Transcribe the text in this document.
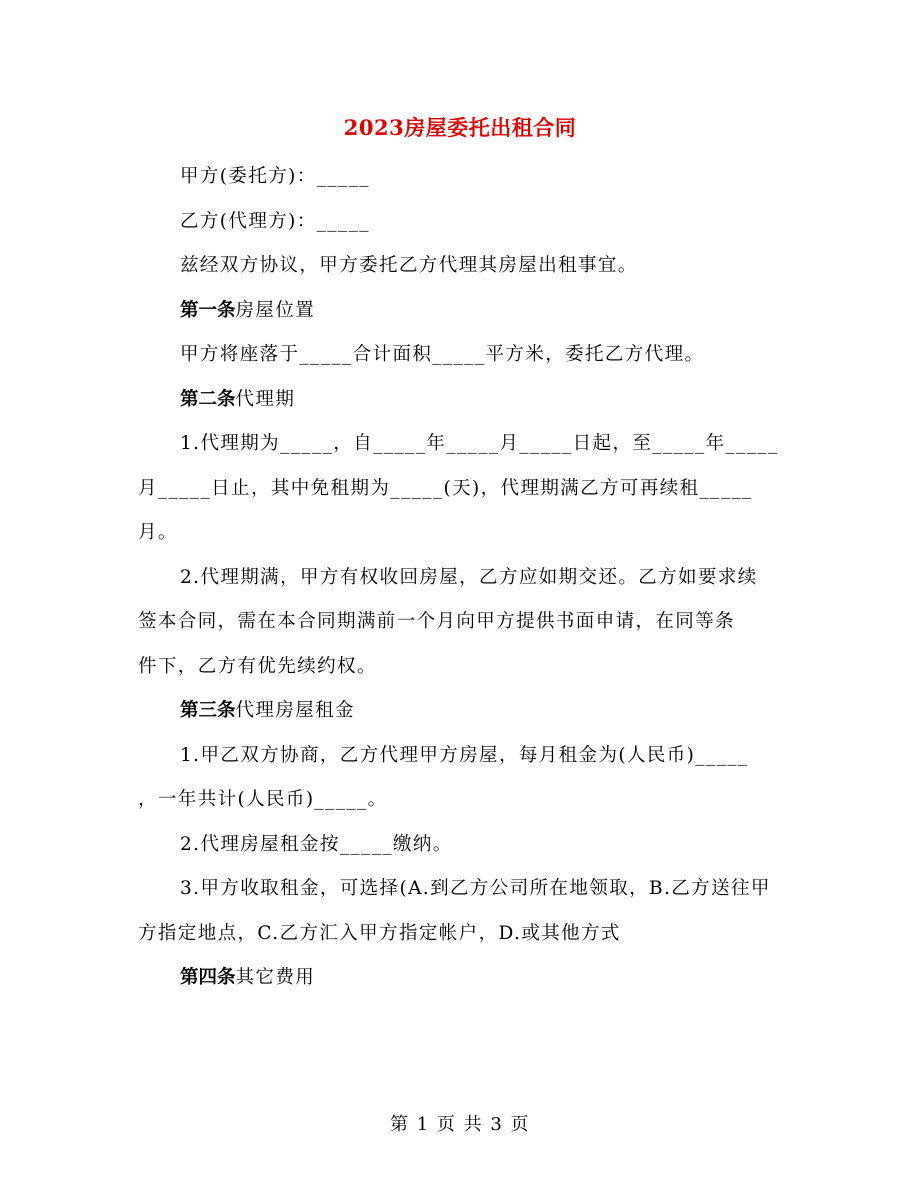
2023房屋委托出租合同

甲方(委托方)：_____

乙方(代理方)：_____

兹经双方协议，甲方委托乙方代理其房屋出租事宜。

第一条房屋位置

甲方将座落于_____合计面积_____平方米，委托乙方代理。

第二条代理期

1.代理期为_____，自_____年_____月_____日起，至_____年_____

月_____日止，其中免租期为_____(天)，代理期满乙方可再续租_____

月。

2.代理期满，甲方有权收回房屋，乙方应如期交还。乙方如要求续

签本合同，需在本合同期满前一个月向甲方提供书面申请，在同等条

件下，乙方有优先续约权。

第三条代理房屋租金

1.甲乙双方协商，乙方代理甲方房屋，每月租金为(人民币)_____

，一年共计(人民币)_____。

2.代理房屋租金按_____缴纳。

3.甲方收取租金，可选择(A.到乙方公司所在地领取，B.乙方送往甲

方指定地点，C.乙方汇入甲方指定帐户，D.或其他方式

第四条其它费用

第 1 页 共 3 页
